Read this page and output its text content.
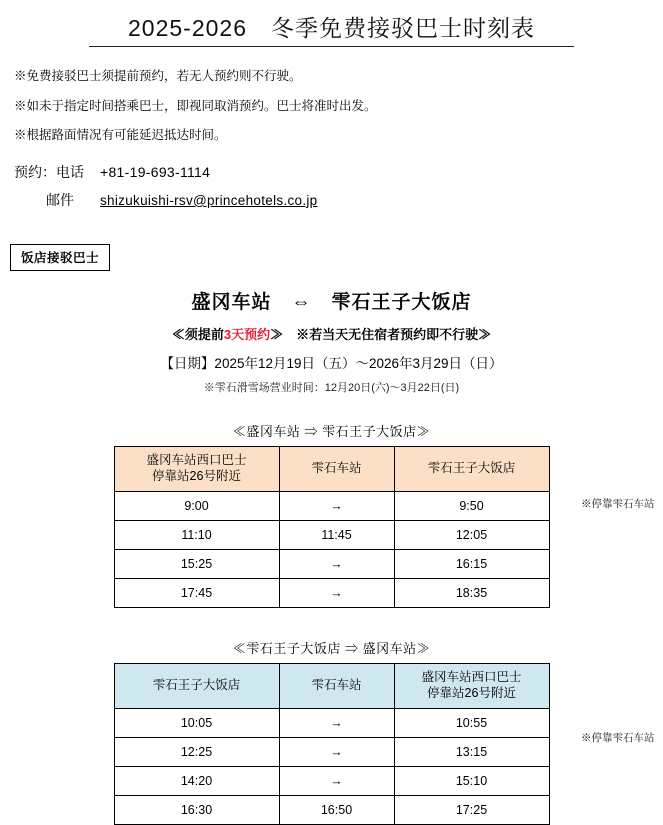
2025-2026　冬季免费接驳巴士时刻表
※免费接驳巴士须提前预约，若无人预约则不行驶。
※如未于指定时间搭乘巴士，即视同取消预约。巴士将准时出发。
※根据路面情况有可能延迟抵达时间。
预约：电话	+81-19-693-1114
邮件	shizukuishi-rsv@princehotels.co.jp
饭店接驳巴士
盛冈车站　⇔　雫石王子大饭店
≪须提前3天预约≫　※若当天无住宿者预约即不行驶≫
【日期】2025年12月19日（五）～2026年3月29日（日）
※雫石滑雪场营业时间：12月20日(六)～3月22日(日)
≪盛冈车站 ⇒ 雫石王子大饭店≫
盛冈车站西口巴士
停靠站26号附近	雫石车站	雫石王子大饭店

9:00	→	9:50
11:10	11:45	12:05
15:25	→	16:15
17:45	→	18:35
≪雫石王子大饭店 ⇒ 盛冈车站≫
雫石王子大饭店	雫石车站	盛冈车站西口巴士
停靠站26号附近

10:05	→	10:55
12:25	→	13:15
14:20	→	15:10
16:30	16:50	17:25
※停靠雫石车站
※停靠雫石车站
